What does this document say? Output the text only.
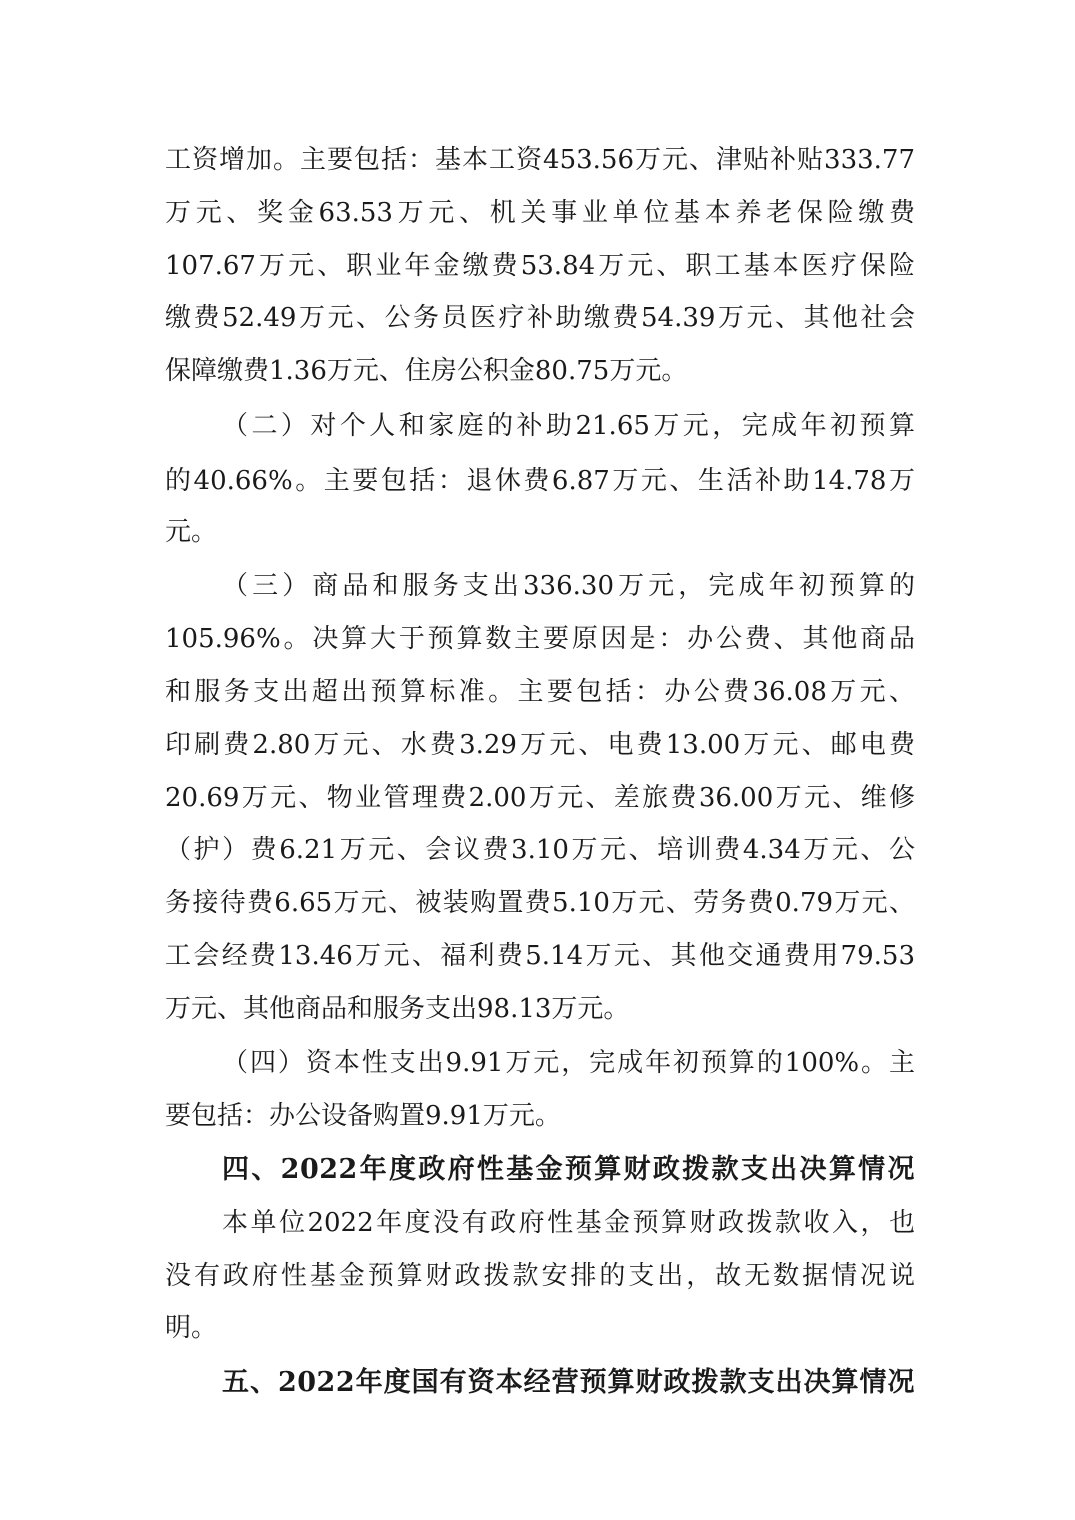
工资增加。主要包括：基本工资453.56万元、津贴补贴333.77
万元、奖金63.53万元、机关事业单位基本养老保险缴费
107.67万元、职业年金缴费53.84万元、职工基本医疗保险
缴费52.49万元、公务员医疗补助缴费54.39万元、其他社会
保障缴费1.36万元、住房公积金80.75万元。
（二）对个人和家庭的补助21.65万元，完成年初预算
的40.66%。主要包括：退休费6.87万元、生活补助14.78万
元。
（三）商品和服务支出336.30万元，完成年初预算的
105.96%。决算大于预算数主要原因是：办公费、其他商品
和服务支出超出预算标准。主要包括：办公费36.08万元、
印刷费2.80万元、水费3.29万元、电费13.00万元、邮电费
20.69万元、物业管理费2.00万元、差旅费36.00万元、维修
（护）费6.21万元、会议费3.10万元、培训费4.34万元、公
务接待费6.65万元、被装购置费5.10万元、劳务费0.79万元、
工会经费13.46万元、福利费5.14万元、其他交通费用79.53
万元、其他商品和服务支出98.13万元。
（四）资本性支出9.91万元，完成年初预算的100%。主
要包括：办公设备购置9.91万元。
四、2022年度政府性基金预算财政拨款支出决算情况
本单位2022年度没有政府性基金预算财政拨款收入，也
没有政府性基金预算财政拨款安排的支出，故无数据情况说
明。
五、2022年度国有资本经营预算财政拨款支出决算情况
